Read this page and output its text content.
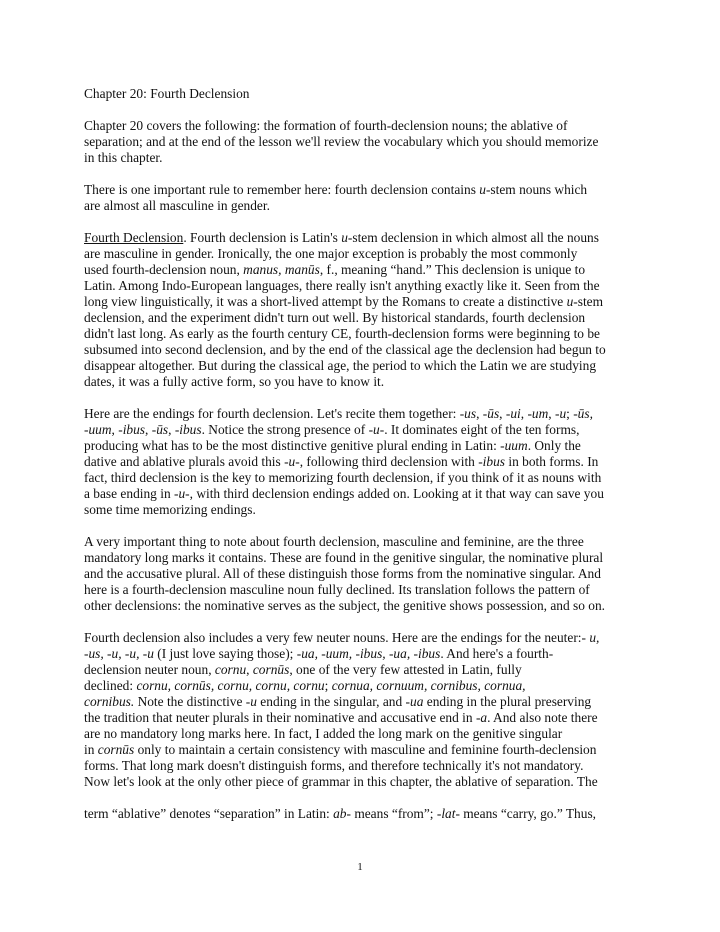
Chapter 20: Fourth Declension
Chapter 20 covers the following: the formation of fourth-declension nouns; the ablative of
separation; and at the end of the lesson we'll review the vocabulary which you should memorize
in this chapter.
There is one important rule to remember here: fourth declension contains u-stem nouns which
are almost all masculine in gender.
Fourth Declension. Fourth declension is Latin's u-stem declension in which almost all the nouns
are masculine in gender. Ironically, the one major exception is probably the most commonly
used fourth-declension noun, manus, manūs, f., meaning “hand.” This declension is unique to
Latin. Among Indo-European languages, there really isn't anything exactly like it. Seen from the
long view linguistically, it was a short-lived attempt by the Romans to create a distinctive u-stem
declension, and the experiment didn't turn out well. By historical standards, fourth declension
didn't last long. As early as the fourth century CE, fourth-declension forms were beginning to be
subsumed into second declension, and by the end of the classical age the declension had begun to
disappear altogether. But during the classical age, the period to which the Latin we are studying
dates, it was a fully active form, so you have to know it.
Here are the endings for fourth declension. Let's recite them together: -us, -ūs, -ui, -um, -u; -ūs,
-uum, -ibus, -ūs, -ibus. Notice the strong presence of -u-. It dominates eight of the ten forms,
producing what has to be the most distinctive genitive plural ending in Latin: -uum. Only the
dative and ablative plurals avoid this -u-, following third declension with -ibus in both forms. In
fact, third declension is the key to memorizing fourth declension, if you think of it as nouns with
a base ending in -u-, with third declension endings added on. Looking at it that way can save you
some time memorizing endings.
A very important thing to note about fourth declension, masculine and feminine, are the three
mandatory long marks it contains. These are found in the genitive singular, the nominative plural
and the accusative plural. All of these distinguish those forms from the nominative singular. And
here is a fourth-declension masculine noun fully declined. Its translation follows the pattern of
other declensions: the nominative serves as the subject, the genitive shows possession, and so on.
Fourth declension also includes a very few neuter nouns. Here are the endings for the neuter:- u,
-us, -u, -u, -u (I just love saying those); -ua, -uum, -ibus, -ua, -ibus. And here's a fourth-
declension neuter noun, cornu, cornūs, one of the very few attested in Latin, fully
declined: cornu, cornūs, cornu, cornu, cornu; cornua, cornuum, cornibus, cornua,
cornibus. Note the distinctive -u ending in the singular, and -ua ending in the plural preserving
the tradition that neuter plurals in their nominative and accusative end in -a. And also note there
are no mandatory long marks here. In fact, I added the long mark on the genitive singular
in cornūs only to maintain a certain consistency with masculine and feminine fourth-declension
forms. That long mark doesn't distinguish forms, and therefore technically it's not mandatory.
Now let's look at the only other piece of grammar in this chapter, the ablative of separation. The
term “ablative” denotes “separation” in Latin: ab- means “from”; -lat- means “carry, go.” Thus,
1
